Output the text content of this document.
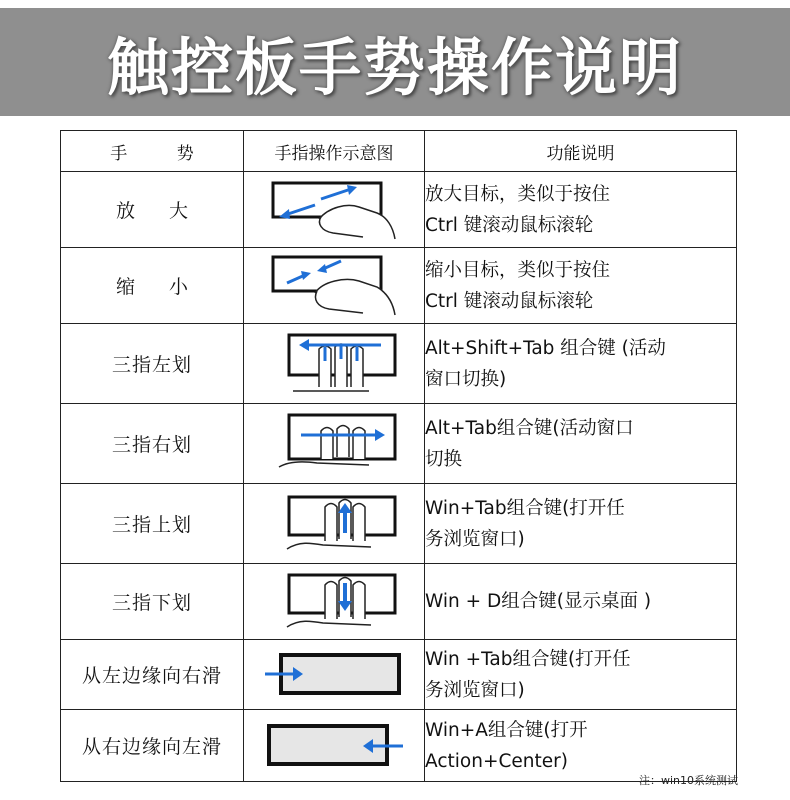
触控板手势操作说明
手 势	手指操作示意图	功能说明
放 大		放大目标，类似于按住
Ctrl 键滚动鼠标滚轮

缩 小		缩小目标，类似于按住
Ctrl 键滚动鼠标滚轮

三指左划		Alt+Shift+Tab 组合键 (活动
窗口切换)

三指右划		Alt+Tab组合键(活动窗口
切换

三指上划		Win+Tab组合键(打开任
务浏览窗口)

三指下划		Win + D组合键(显示桌面 )

从左边缘向右滑		Win +Tab组合键(打开任
务浏览窗口)

从右边缘向左滑		Win+A组合键(打开
Action+Center)
注：win10系统测试
